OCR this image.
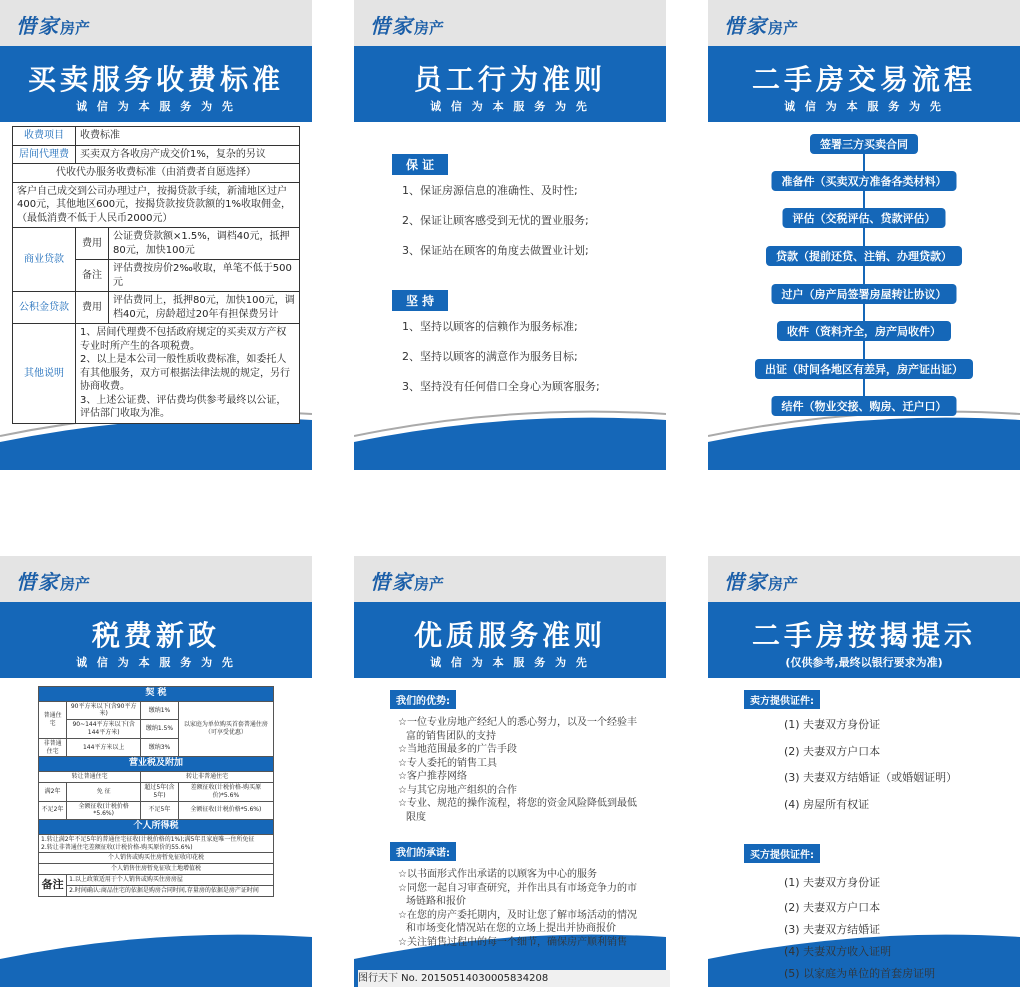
惜家房产
买卖服务收费标准
诚 信 为 本 服 务 为 先
收费项目	收费标准	
居间代理费	买卖双方各收房产成交价1%，复杂的另议	
代收代办服务收费标准（由消费者自愿选择）		
客户自己成交到公司办理过户，按揭贷款手续，新浦地区过户400元，其他地区600元，按揭贷款按贷款额的1%收取佣金，（最低消费不低于人民币2000元）		
商业贷款	费用	公证费贷款额×1.5%，调档40元，抵押80元，加快100元
	备注	评估费按房价2‰收取，单笔不低于500元
公积金贷款	费用	评估费同上，抵押80元，加快100元，调档40元，房龄超过20年有担保费另计
其他说明	1、居间代理费不包括政府规定的买卖双方产权专业时所产生的各项税费。
2、以上是本公司一般性质收费标准，如委托人有其他服务，双方可根据法律法规的规定，另行协商收费。
3、上述公证费、评估费均供参考最终以公证，评估部门收取为准。	
惜家房产
员工行为准则
诚 信 为 本 服 务 为 先
保 证
1、保证房源信息的准确性、及时性;
2、保证让顾客感受到无忧的置业服务;
3、保证站在顾客的角度去做置业计划;
坚 持
1、坚持以顾客的信赖作为服务标准;
2、坚持以顾客的满意作为服务目标;
3、坚持没有任何借口全身心为顾客服务;
惜家房产
二手房交易流程
诚 信 为 本 服 务 为 先
签署三方买卖合同
准备件（买卖双方准备各类材料）
评估（交税评估、贷款评估）
贷款（提前还贷、注销、办理贷款）
过户（房产局签署房屋转让协议）
收件（资料齐全，房产局收件）
出证（时间各地区有差异，房产证出证）
结件（物业交接、购房、迁户口）
惜家房产
税费新政
诚 信 为 本 服 务 为 先
契 税			
普通住宅	90平方米以下(含90平方米)	缴纳1%	以家庭为单位购买首套普通住房（可享受优惠）
	90~144平方米以下(含144平方米)	缴纳1.5%	
非普通住宅	144平方米以上	缴纳3%	
营业税及附加			
转让普通住宅		转让非普通住宅	
满2年	免 征	超过5年(含5年)	差额征收(计税价格-购买原价)*5.6%
不足2年	全额征收(计税价格*5.6%)	不足5年	全额征收(计税价格*5.6%)
个人所得税			

1.转让满2年不足5年的普通住宅征收(计税价格的1%);满5年且家庭唯一住所免征
2.转让非普通住宅差额征收(计税价格-购买原价的55.6%)			

个人销售或购买住房暂免征收印花税			
个人销售住房暂免征收土地增值税			
备注	1.以上政策适用于个人销售或购买住房房屋		
	2.时间确认:商品住宅的依据是购房合同时间,存量房的依据是房产证时间		
惜家房产
优质服务准则
诚 信 为 本 服 务 为 先
我们的优势:
☆一位专业房地产经纪人的悉心努力，以及一个经验丰富的销售团队的支持
☆当地范围最多的广告手段
☆专人委托的销售工具
☆客户推荐网络
☆与其它房地产组织的合作
☆专业、规范的操作流程，将您的资金风险降低到最低限度
我们的承诺:
☆以书面形式作出承诺的以顾客为中心的服务
☆同您一起自习审查研究，并作出具有市场竞争力的市场链路和报价
☆在您的房产委托期内，及时让您了解市场活动的情况和市场变化情况站在您的立场上提出并协商报价
☆关注销售过程中的每一个细节，确保房产顺利销售
惜家房产
二手房按揭提示
(仅供参考,最终以银行要求为准)
卖方提供证件:
(1) 夫妻双方身份证
(2) 夫妻双方户口本
(3) 夫妻双方结婚证（或婚姻证明）
(4) 房屋所有权证
买方提供证件:
(1) 夫妻双方身份证
(2) 夫妻双方户口本
(3) 夫妻双方结婚证
(4) 夫妻双方收入证明
(5) 以家庭为单位的首套房证明
图行天下 No. 20150514030005834208
